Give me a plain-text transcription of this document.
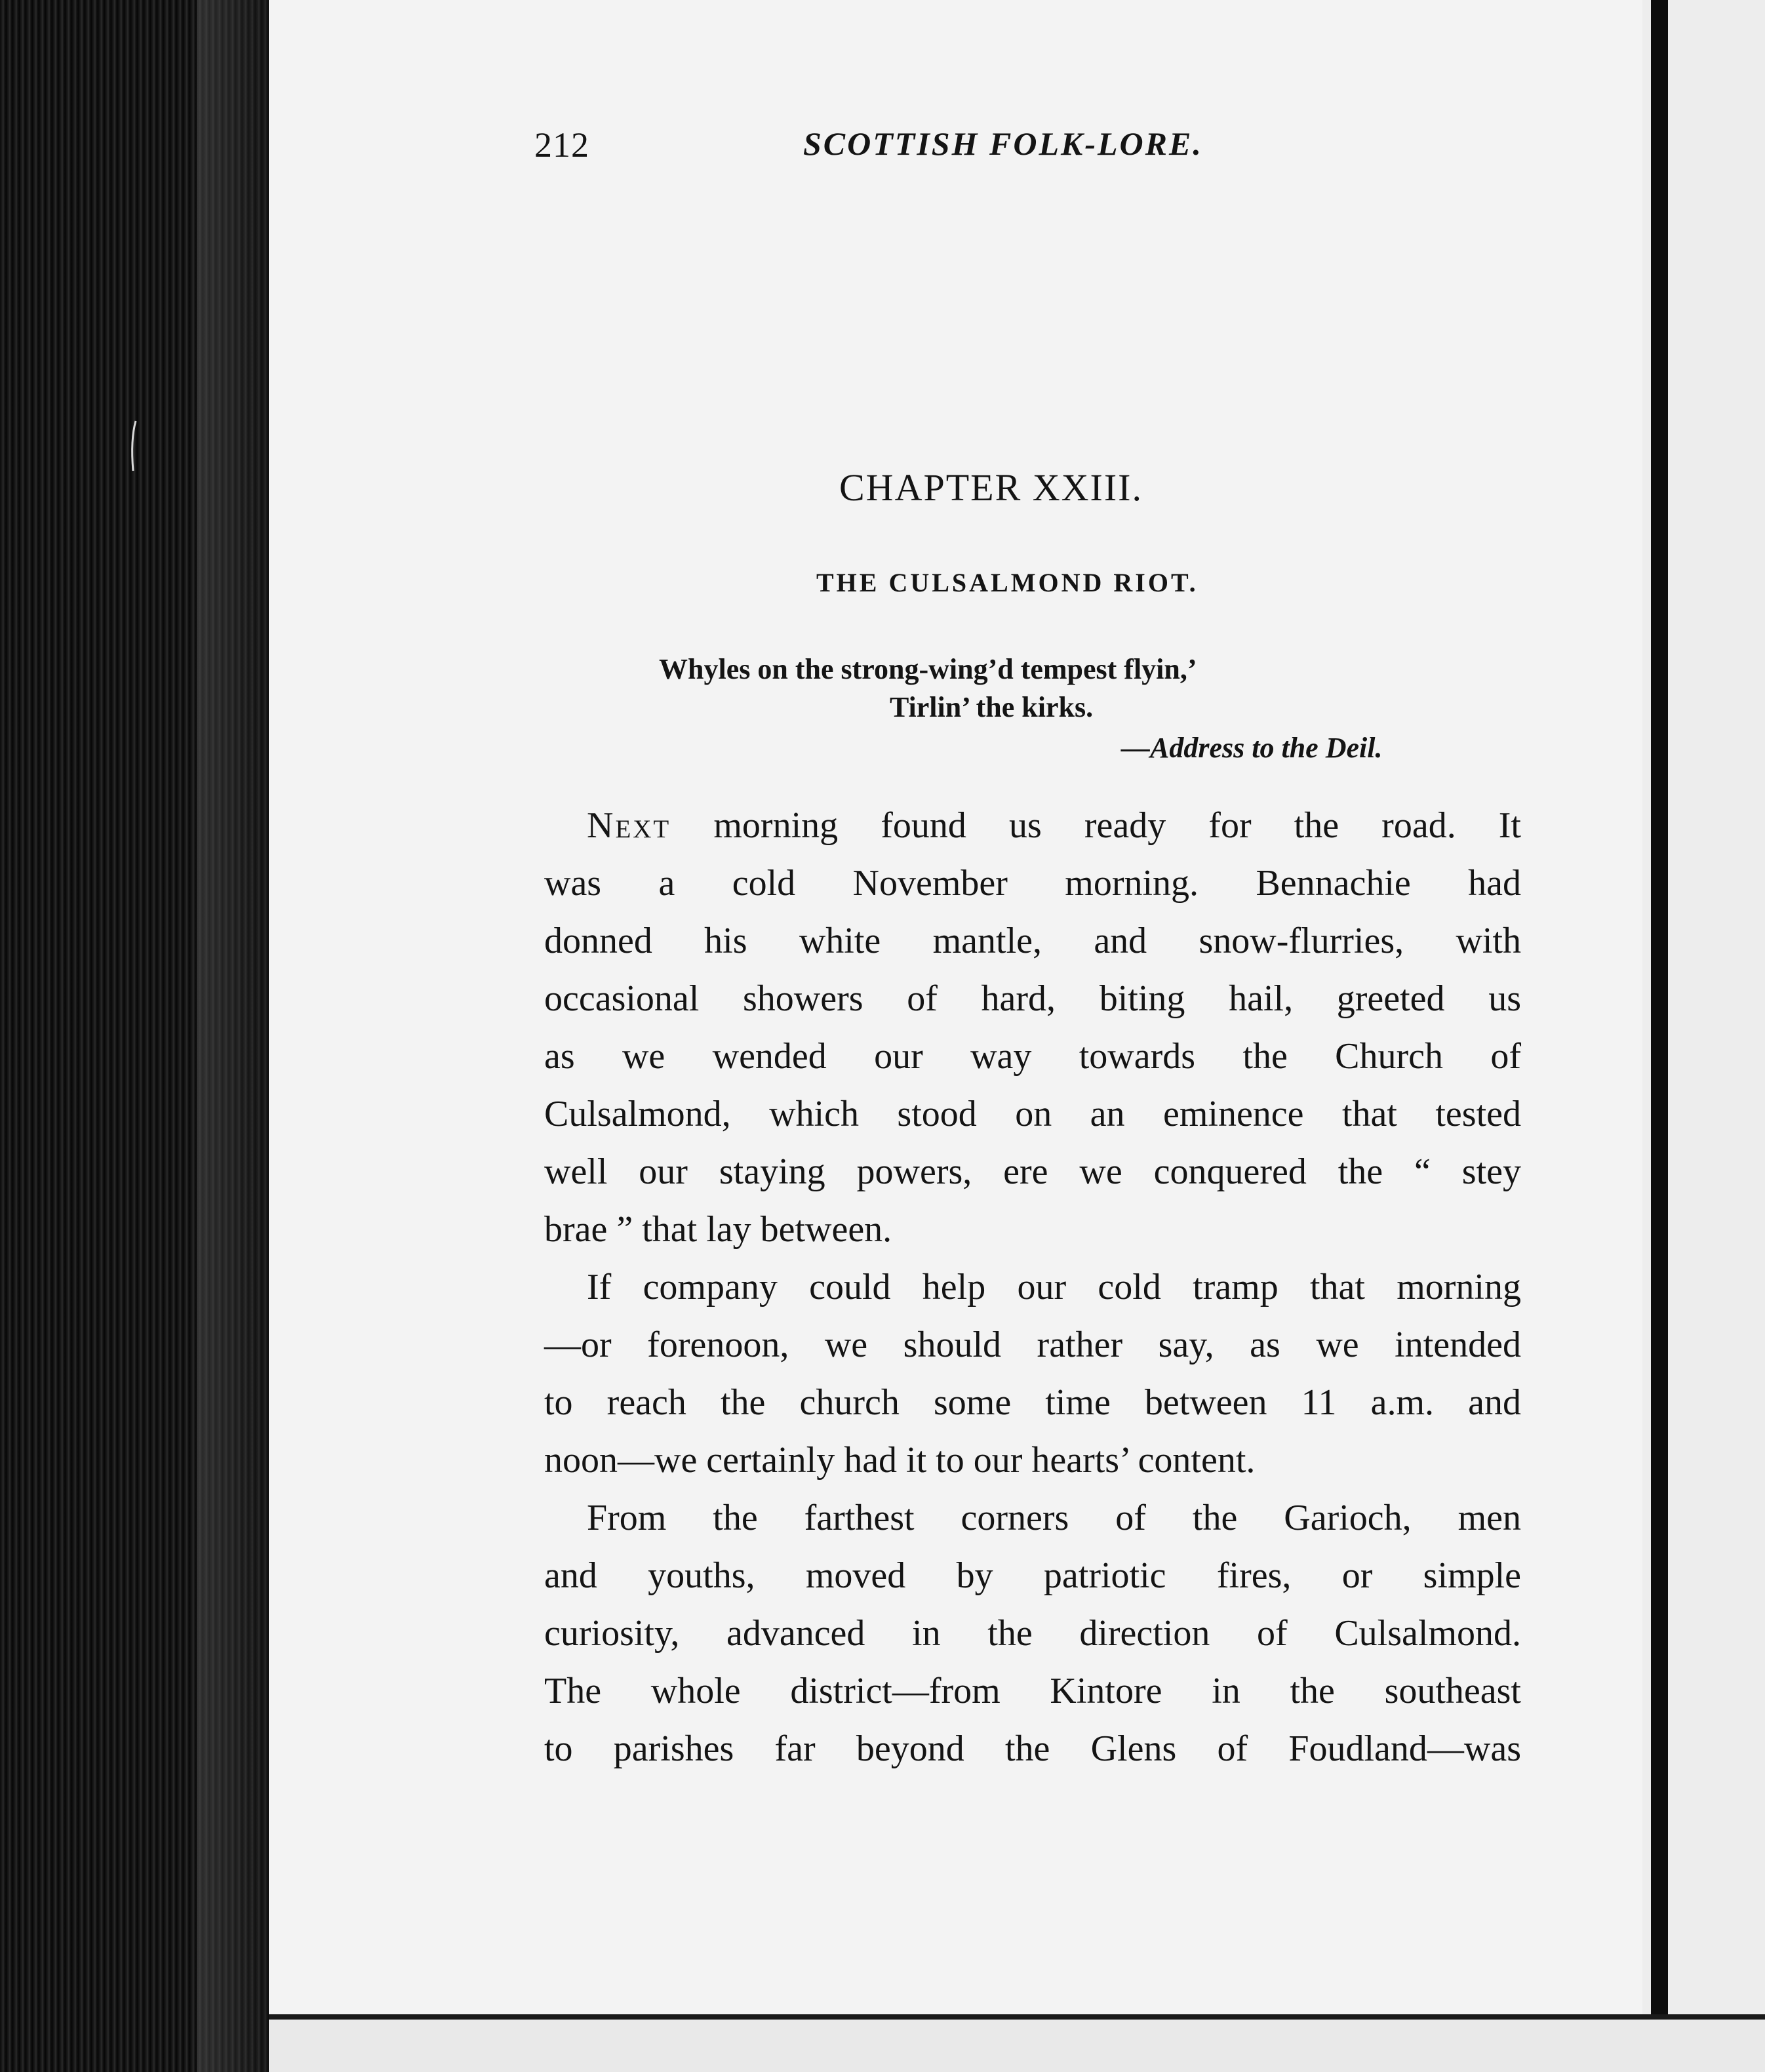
212	SCOTTISH FOLK-LORE.
CHAPTER XXIII.
THE CULSALMOND RIOT.
Whyles on the strong-wing’d tempest flyin,’
Tirlin’ the kirks.
—Address to the Deil.
Next morning found us ready for the road. It
was a cold November morning. Bennachie had
donned his white mantle, and snow-flurries, with
occasional showers of hard, biting hail, greeted us
as we wended our way towards the Church of
Culsalmond, which stood on an eminence that tested
well our staying powers, ere we conquered the “ stey
brae ” that lay between.
If company could help our cold tramp that morning
—or forenoon, we should rather say, as we intended
to reach the church some time between 11 a.m. and
noon—we certainly had it to our hearts’ content.
From the farthest corners of the Garioch, men
and youths, moved by patriotic fires, or simple
curiosity, advanced in the direction of Culsalmond.
The whole district—from Kintore in the southeast
to parishes far beyond the Glens of Foudland—was
